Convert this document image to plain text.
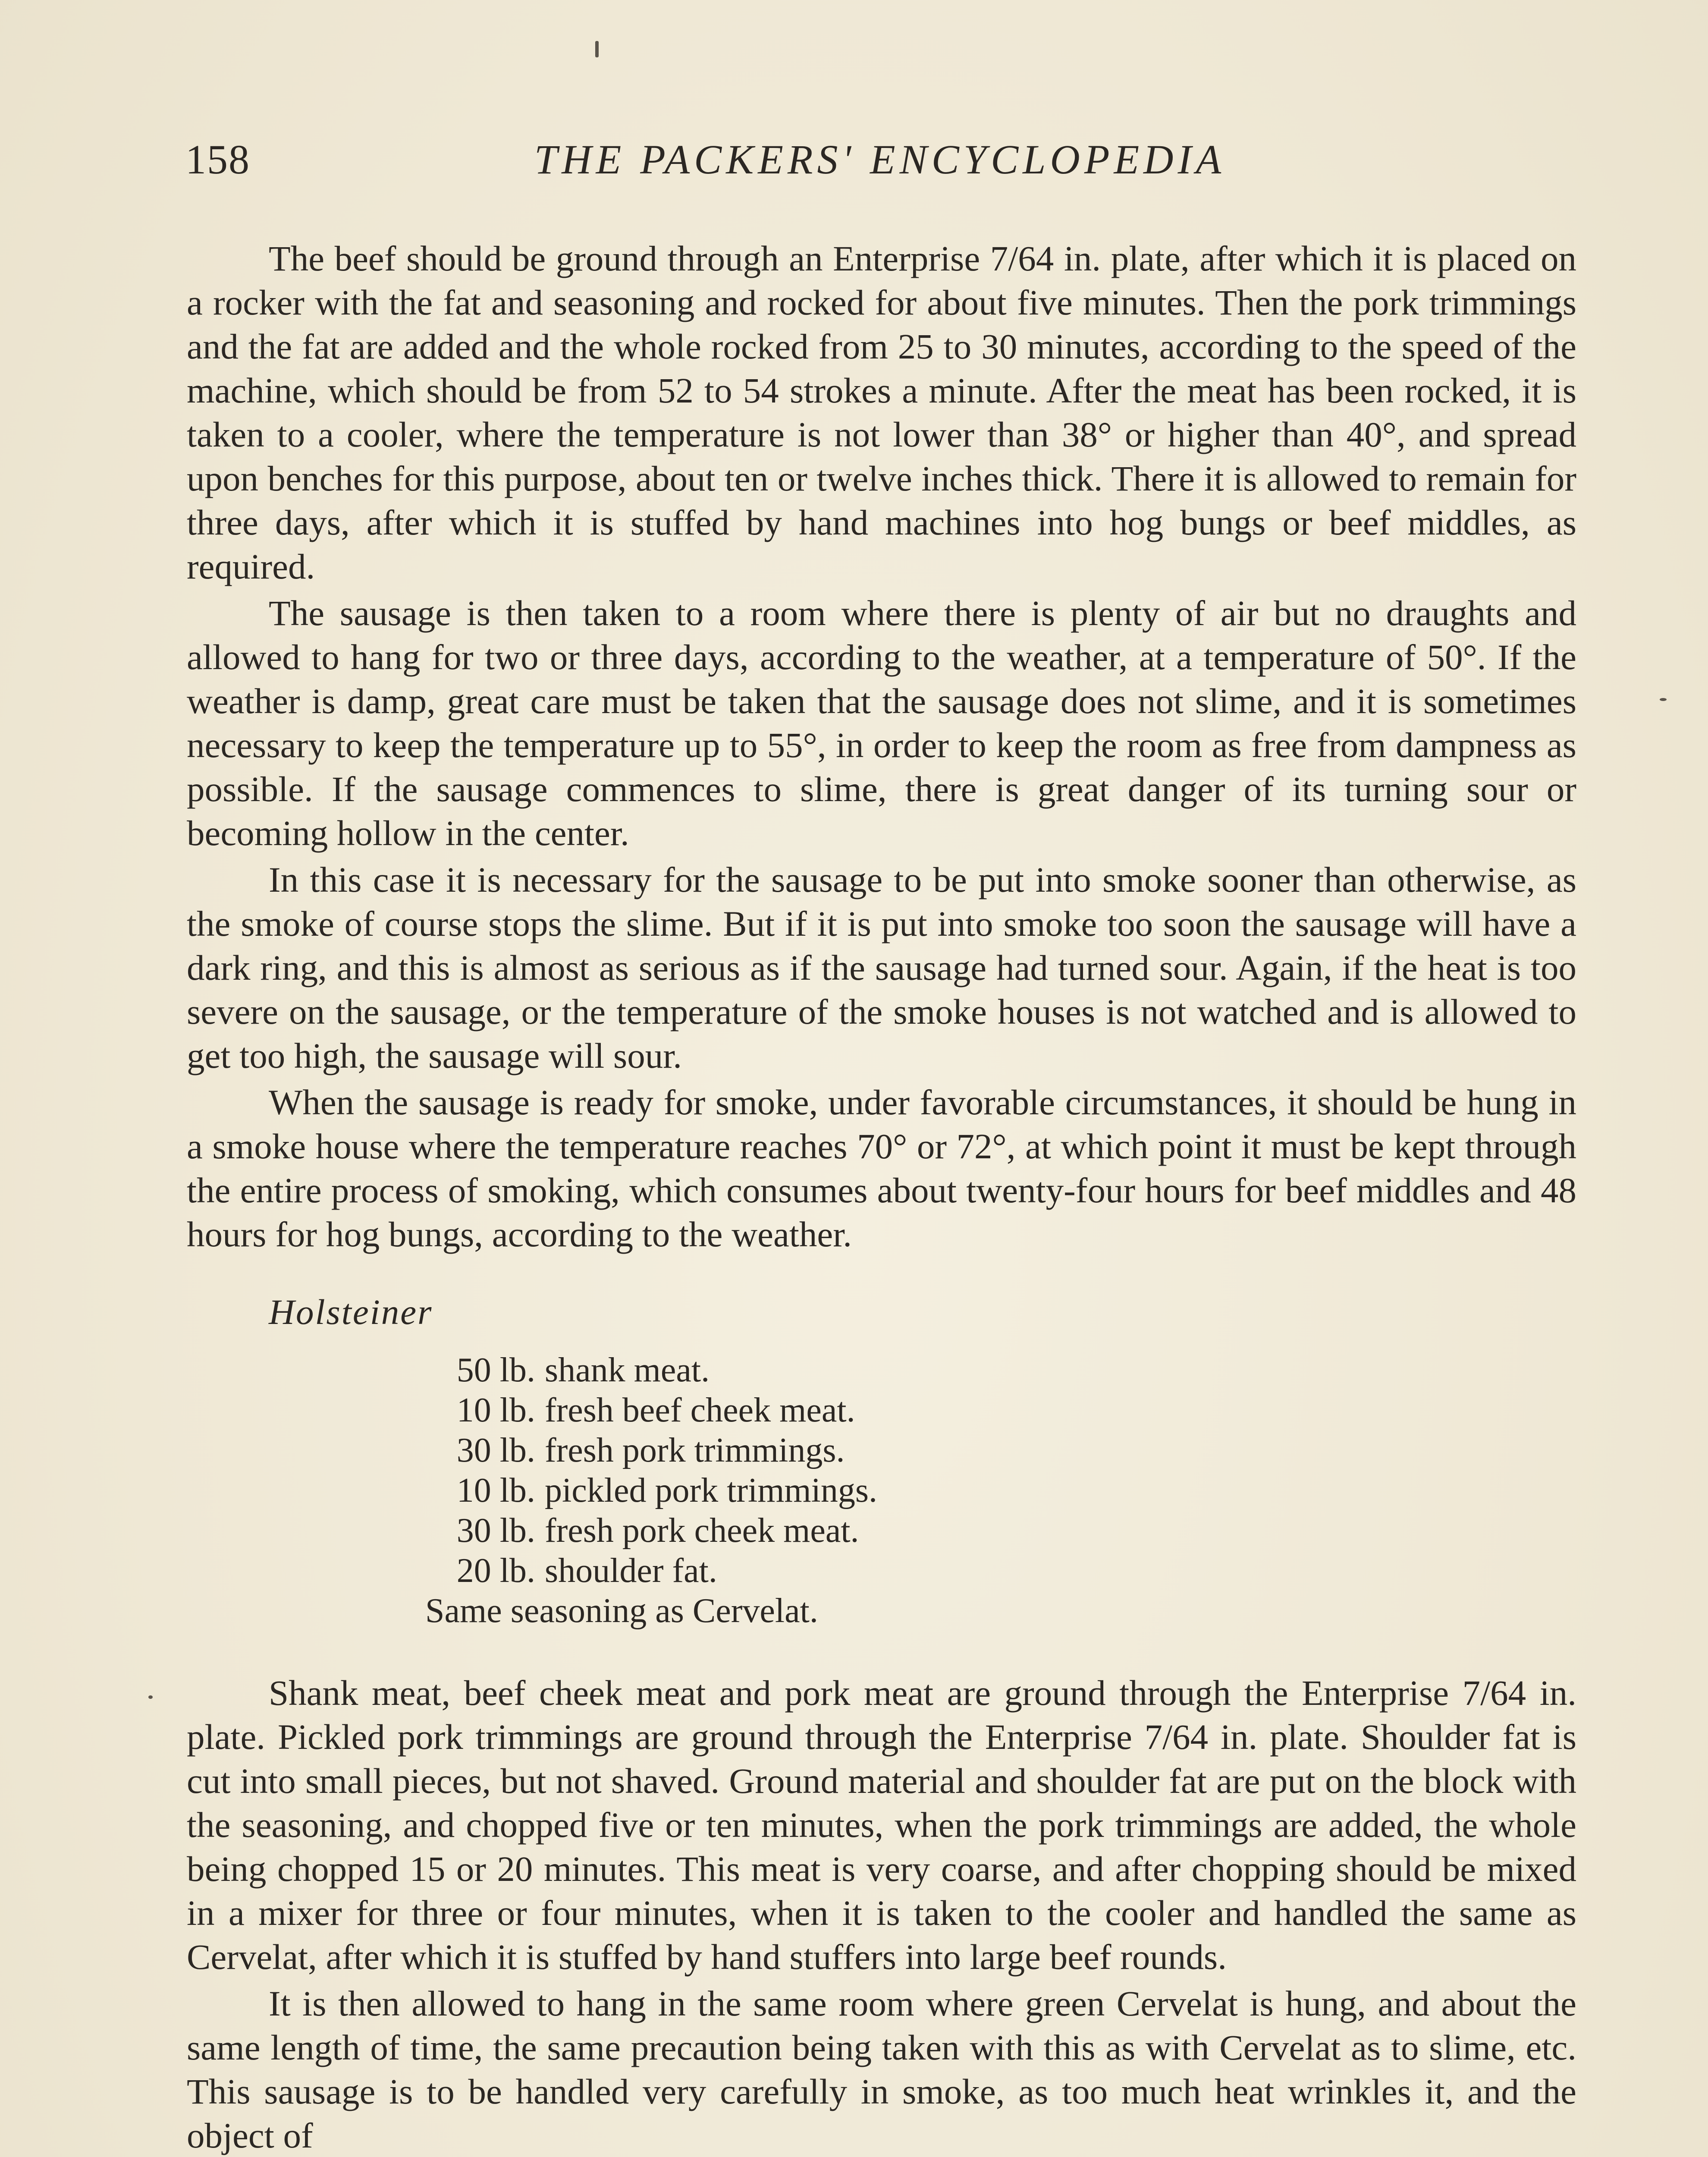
158	THE PACKERS' ENCYCLOPEDIA

The beef should be ground through an Enterprise 7/64 in. plate, after which it is placed on a rocker with the fat and seasoning and rocked for about five minutes. Then the pork trimmings and the fat are added and the whole rocked from 25 to 30 minutes, according to the speed of the machine, which should be from 52 to 54 strokes a minute. After the meat has been rocked, it is taken to a cooler, where the temperature is not lower than 38° or higher than 40°, and spread upon benches for this purpose, about ten or twelve inches thick. There it is allowed to remain for three days, after which it is stuffed by hand machines into hog bungs or beef middles, as required.

The sausage is then taken to a room where there is plenty of air but no draughts and allowed to hang for two or three days, according to the weather, at a temperature of 50°. If the weather is damp, great care must be taken that the sausage does not slime, and it is sometimes necessary to keep the temperature up to 55°, in order to keep the room as free from dampness as possible. If the sausage commences to slime, there is great danger of its turning sour or becoming hollow in the center.

In this case it is necessary for the sausage to be put into smoke sooner than otherwise, as the smoke of course stops the slime. But if it is put into smoke too soon the sausage will have a dark ring, and this is almost as serious as if the sausage had turned sour. Again, if the heat is too severe on the sausage, or the temperature of the smoke houses is not watched and is allowed to get too high, the sausage will sour.

When the sausage is ready for smoke, under favorable circumstances, it should be hung in a smoke house where the temperature reaches 70° or 72°, at which point it must be kept through the entire process of smoking, which consumes about twenty-four hours for beef middles and 48 hours for hog bungs, according to the weather.

Holsteiner
50 lb. shank meat.
10 lb. fresh beef cheek meat.
30 lb. fresh pork trimmings.
10 lb. pickled pork trimmings.
30 lb. fresh pork cheek meat.
20 lb. shoulder fat.
Same seasoning as Cervelat.

Shank meat, beef cheek meat and pork meat are ground through the Enterprise 7/64 in. plate. Pickled pork trimmings are ground through the Enterprise 7/64 in. plate. Shoulder fat is cut into small pieces, but not shaved. Ground material and shoulder fat are put on the block with the seasoning, and chopped five or ten minutes, when the pork trimmings are added, the whole being chopped 15 or 20 minutes. This meat is very coarse, and after chopping should be mixed in a mixer for three or four minutes, when it is taken to the cooler and handled the same as Cervelat, after which it is stuffed by hand stuffers into large beef rounds.

It is then allowed to hang in the same room where green Cervelat is hung, and about the same length of time, the same precaution being taken with this as with Cervelat as to slime, etc. This sausage is to be handled very carefully in smoke, as too much heat wrinkles it, and the object of
